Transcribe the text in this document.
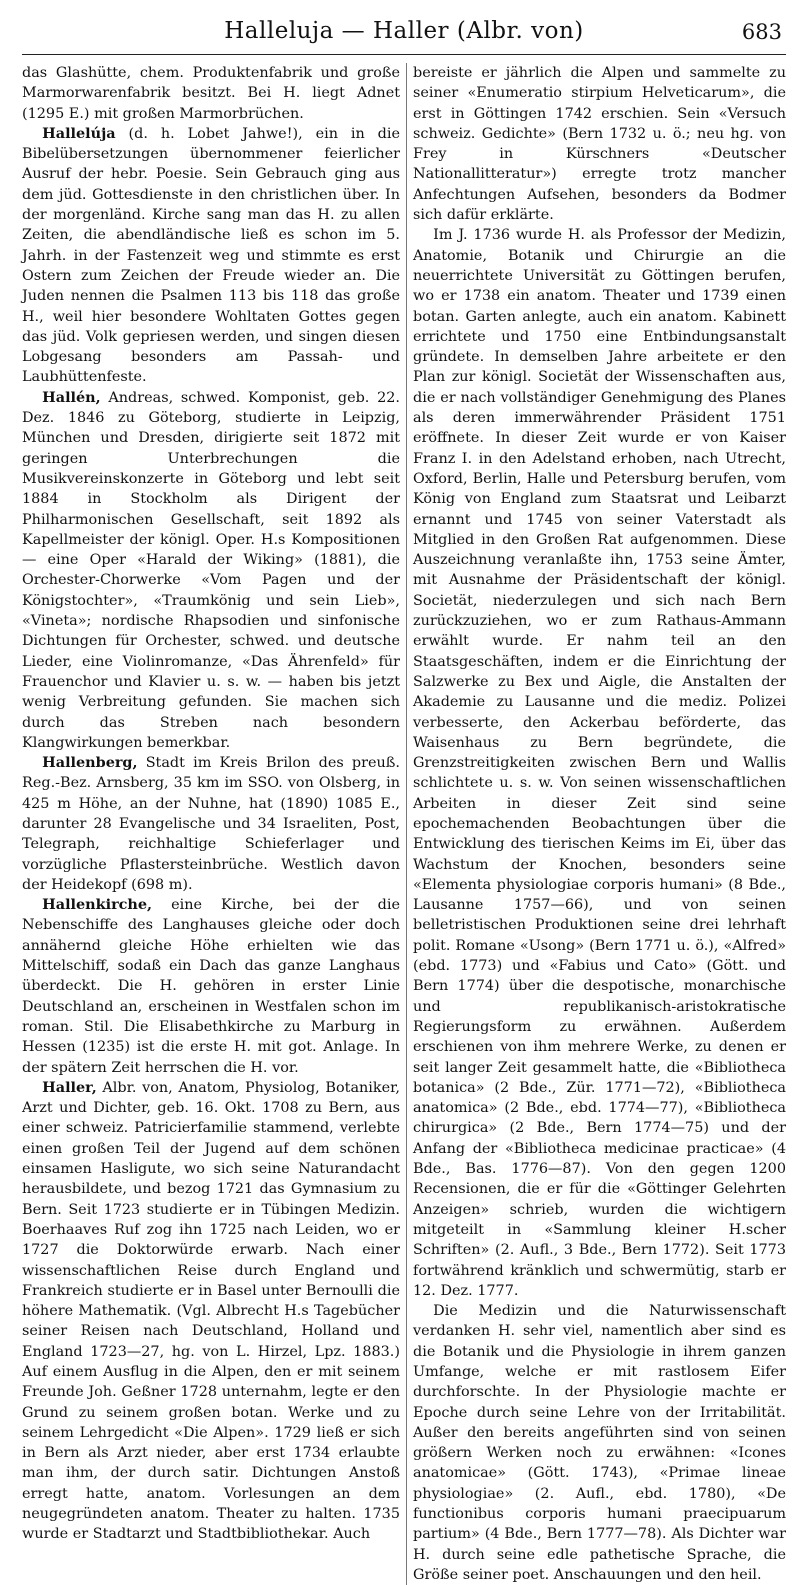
Halleluja — Haller (Albr. von)	683

das Glashütte, chem. Produktenfabrik und große Marmorwarenfabrik besitzt. Bei H. liegt Adnet (1295 E.) mit großen Marmorbrüchen.

Hallelúja (d. h. Lobet Jahwe!), ein in die Bibelübersetzungen übernommener feierlicher Ausruf der hebr. Poesie. Sein Gebrauch ging aus dem jüd. Gottesdienste in den christlichen über. In der morgenländ. Kirche sang man das H. zu allen Zeiten, die abendländische ließ es schon im 5. Jahrh. in der Fastenzeit weg und stimmte es erst Ostern zum Zeichen der Freude wieder an. Die Juden nennen die Psalmen 113 bis 118 das große H., weil hier besondere Wohltaten Gottes gegen das jüd. Volk gepriesen werden, und singen diesen Lobgesang besonders am Passah- und Laubhüttenfeste.

Hallén, Andreas, schwed. Komponist, geb. 22. Dez. 1846 zu Göteborg, studierte in Leipzig, München und Dresden, dirigierte seit 1872 mit geringen Unterbrechungen die Musikvereinskonzerte in Göteborg und lebt seit 1884 in Stockholm als Dirigent der Philharmonischen Gesellschaft, seit 1892 als Kapellmeister der königl. Oper. H.s Kompositionen — eine Oper «Harald der Wiking» (1881), die Orchester-Chorwerke «Vom Pagen und der Königstochter», «Traumkönig und sein Lieb», «Vineta»; nordische Rhapsodien und sinfonische Dichtungen für Orchester, schwed. und deutsche Lieder, eine Violinromanze, «Das Ährenfeld» für Frauenchor und Klavier u. s. w. — haben bis jetzt wenig Verbreitung gefunden. Sie machen sich durch das Streben nach besondern Klangwirkungen bemerkbar.

Hallenberg, Stadt im Kreis Brilon des preuß. Reg.-Bez. Arnsberg, 35 km im SSO. von Olsberg, in 425 m Höhe, an der Nuhne, hat (1890) 1085 E., darunter 28 Evangelische und 34 Israeliten, Post, Telegraph, reichhaltige Schieferlager und vorzügliche Pflastersteinbrüche. Westlich davon der Heidekopf (698 m).

Hallenkirche, eine Kirche, bei der die Nebenschiffe des Langhauses gleiche oder doch annähernd gleiche Höhe erhielten wie das Mittelschiff, sodaß ein Dach das ganze Langhaus überdeckt. Die H. gehören in erster Linie Deutschland an, erscheinen in Westfalen schon im roman. Stil. Die Elisabethkirche zu Marburg in Hessen (1235) ist die erste H. mit got. Anlage. In der spätern Zeit herrschen die H. vor.

Haller, Albr. von, Anatom, Physiolog, Botaniker, Arzt und Dichter, geb. 16. Okt. 1708 zu Bern, aus einer schweiz. Patricierfamilie stammend, verlebte einen großen Teil der Jugend auf dem schönen einsamen Hasligute, wo sich seine Naturandacht herausbildete, und bezog 1721 das Gymnasium zu Bern. Seit 1723 studierte er in Tübingen Medizin. Boerhaaves Ruf zog ihn 1725 nach Leiden, wo er 1727 die Doktorwürde erwarb. Nach einer wissenschaftlichen Reise durch England und Frankreich studierte er in Basel unter Bernoulli die höhere Mathematik. (Vgl. Albrecht H.s Tagebücher seiner Reisen nach Deutschland, Holland und England 1723—27, hg. von L. Hirzel, Lpz. 1883.) Auf einem Ausflug in die Alpen, den er mit seinem Freunde Joh. Geßner 1728 unternahm, legte er den Grund zu seinem großen botan. Werke und zu seinem Lehrgedicht «Die Alpen». 1729 ließ er sich in Bern als Arzt nieder, aber erst 1734 erlaubte man ihm, der durch satir. Dichtungen Anstoß erregt hatte, anatom. Vorlesungen an dem neugegründeten anatom. Theater zu halten. 1735 wurde er Stadtarzt und Stadtbibliothekar. Auch

bereiste er jährlich die Alpen und sammelte zu seiner «Enumeratio stirpium Helveticarum», die erst in Göttingen 1742 erschien. Sein «Versuch schweiz. Gedichte» (Bern 1732 u. ö.; neu hg. von Frey in Kürschners «Deutscher Nationallitteratur») erregte trotz mancher Anfechtungen Aufsehen, besonders da Bodmer sich dafür erklärte.

Im J. 1736 wurde H. als Professor der Medizin, Anatomie, Botanik und Chirurgie an die neuerrichtete Universität zu Göttingen berufen, wo er 1738 ein anatom. Theater und 1739 einen botan. Garten anlegte, auch ein anatom. Kabinett errichtete und 1750 eine Entbindungsanstalt gründete. In demselben Jahre arbeitete er den Plan zur königl. Societät der Wissenschaften aus, die er nach vollständiger Genehmigung des Planes als deren immerwährender Präsident 1751 eröffnete. In dieser Zeit wurde er von Kaiser Franz I. in den Adelstand erhoben, nach Utrecht, Oxford, Berlin, Halle und Petersburg berufen, vom König von England zum Staatsrat und Leibarzt ernannt und 1745 von seiner Vaterstadt als Mitglied in den Großen Rat aufgenommen. Diese Auszeichnung veranlaßte ihn, 1753 seine Ämter, mit Ausnahme der Präsidentschaft der königl. Societät, niederzulegen und sich nach Bern zurückzuziehen, wo er zum Rathaus-Ammann erwählt wurde. Er nahm teil an den Staatsgeschäften, indem er die Einrichtung der Salzwerke zu Bex und Aigle, die Anstalten der Akademie zu Lausanne und die mediz. Polizei verbesserte, den Ackerbau beförderte, das Waisenhaus zu Bern begründete, die Grenzstreitigkeiten zwischen Bern und Wallis schlichtete u. s. w. Von seinen wissenschaftlichen Arbeiten in dieser Zeit sind seine epochemachenden Beobachtungen über die Entwicklung des tierischen Keims im Ei, über das Wachstum der Knochen, besonders seine «Elementa physiologiae corporis humani» (8 Bde., Lausanne 1757—66), und von seinen belletristischen Produktionen seine drei lehrhaft polit. Romane «Usong» (Bern 1771 u. ö.), «Alfred» (ebd. 1773) und «Fabius und Cato» (Gött. und Bern 1774) über die despotische, monarchische und republikanisch-aristokratische Regierungsform zu erwähnen. Außerdem erschienen von ihm mehrere Werke, zu denen er seit langer Zeit gesammelt hatte, die «Bibliotheca botanica» (2 Bde., Zür. 1771—72), «Bibliotheca anatomica» (2 Bde., ebd. 1774—77), «Bibliotheca chirurgica» (2 Bde., Bern 1774—75) und der Anfang der «Bibliotheca medicinae practicae» (4 Bde., Bas. 1776—87). Von den gegen 1200 Recensionen, die er für die «Göttinger Gelehrten Anzeigen» schrieb, wurden die wichtigern mitgeteilt in «Sammlung kleiner H.scher Schriften» (2. Aufl., 3 Bde., Bern 1772). Seit 1773 fortwährend kränklich und schwermütig, starb er 12. Dez. 1777.

Die Medizin und die Naturwissenschaft verdanken H. sehr viel, namentlich aber sind es die Botanik und die Physiologie in ihrem ganzen Umfange, welche er mit rastlosem Eifer durchforschte. In der Physiologie machte er Epoche durch seine Lehre von der Irritabilität. Außer den bereits angeführten sind von seinen größern Werken noch zu erwähnen: «Icones anatomicae» (Gött. 1743), «Primae lineae physiologiae» (2. Aufl., ebd. 1780), «De functionibus corporis humani praecipuarum partium» (4 Bde., Bern 1777—78). Als Dichter war H. durch seine edle pathetische Sprache, die Größe seiner poet. Anschauungen und den heil.
